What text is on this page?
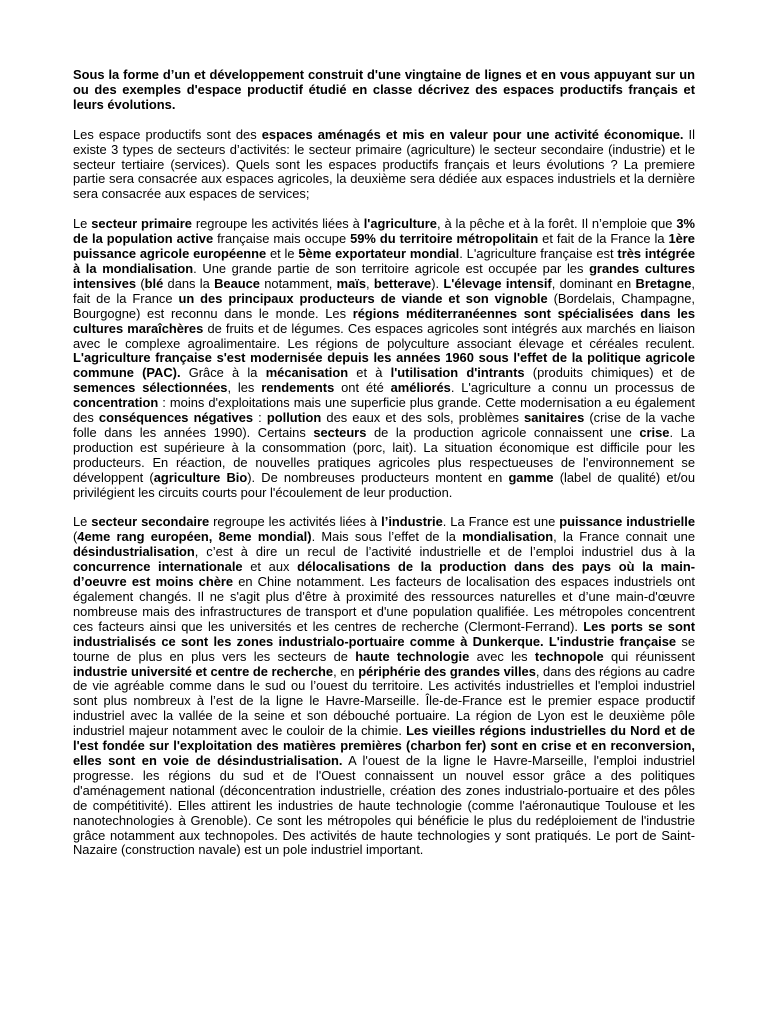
Sous la forme d’un et développement construit d'une vingtaine de lignes et en vous appuyant sur un ou des exemples d'espace productif étudié en classe décrivez des espaces productifs français et leurs évolutions.

Les espace productifs sont des espaces aménagés et mis en valeur pour une activité économique. Il existe 3 types de secteurs d’activités: le secteur primaire (agriculture) le secteur secondaire (industrie) et le secteur tertiaire (services). Quels sont les espaces productifs français et leurs évolutions ? La premiere partie sera consacrée aux espaces agricoles, la deuxième sera dédiée aux espaces industriels et la dernière sera consacrée aux espaces de services;

Le secteur primaire regroupe les activités liées à l'agriculture, à la pêche et à la forêt. Il n’emploie que 3% de la population active française mais occupe 59% du territoire métropolitain et fait de la France la 1ère puissance agricole européenne et le 5ème exportateur mondial. L'agriculture française est très intégrée à la mondialisation. Une grande partie de son territoire agricole est occupée par les grandes cultures intensives (blé dans la Beauce notamment, maïs, betterave). L'élevage intensif, dominant en Bretagne, fait de la France un des principaux producteurs de viande et son vignoble (Bordelais, Champagne, Bourgogne) est reconnu dans le monde. Les régions méditerranéennes sont spécialisées dans les cultures maraîchères de fruits et de légumes. Ces espaces agricoles sont intégrés aux marchés en liaison avec le complexe agroalimentaire. Les régions de polyculture associant élevage et céréales reculent. L'agriculture française s'est modernisée depuis les années 1960 sous l'effet de la politique agricole commune (PAC). Grâce à la mécanisation et à l'utilisation d'intrants (produits chimiques) et de semences sélectionnées, les rendements ont été améliorés. L'agriculture a connu un processus de concentration : moins d'exploitations mais une superficie plus grande. Cette modernisation a eu également des conséquences négatives : pollution des eaux et des sols, problèmes sanitaires (crise de la vache folle dans les années 1990). Certains secteurs de la production agricole connaissent une crise. La production est supérieure à la consommation (porc, lait). La situation économique est difficile pour les producteurs. En réaction, de nouvelles pratiques agricoles plus respectueuses de l'environnement se développent (agriculture Bio). De nombreuses producteurs montent en gamme (label de qualité) et/ou privilégient les circuits courts pour l'écoulement de leur production.

Le secteur secondaire regroupe les activités liées à l’industrie. La France est une puissance industrielle (4eme rang européen, 8eme mondial). Mais sous l’effet de la mondialisation, la France connait une désindustrialisation, c’est à dire un recul de l’activité industrielle et de l’emploi industriel dus à la concurrence internationale et aux délocalisations de la production dans des pays où la main-d’oeuvre est moins chère en Chine notamment. Les facteurs de localisation des espaces industriels ont également changés. Il ne s'agit plus d'être à proximité des ressources naturelles et d’une main-d'œuvre nombreuse mais des infrastructures de transport et d'une population qualifiée. Les métropoles concentrent ces facteurs ainsi que les universités et les centres de recherche (Clermont-Ferrand). Les ports se sont industrialisés ce sont les zones industrialo-portuaire comme à Dunkerque. L'industrie française se tourne de plus en plus vers les secteurs de haute technologie avec les technopole qui réunissent industrie université et centre de recherche, en périphérie des grandes villes, dans des régions au cadre de vie agréable comme dans le sud ou l’ouest du territoire. Les activités industrielles et l'emploi industriel sont plus nombreux à l’est de la ligne le Havre-Marseille. Île-de-France est le premier espace productif industriel avec la vallée de la seine et son débouché portuaire. La région de Lyon est le deuxième pôle industriel majeur notamment avec le couloir de la chimie. Les vieilles régions industrielles du Nord et de l'est fondée sur l'exploitation des matières premières (charbon fer) sont en crise et en reconversion, elles sont en voie de désindustrialisation. A l'ouest de la ligne le Havre-Marseille, l'emploi industriel progresse. les régions du sud et de l'Ouest connaissent un nouvel essor grâce a des politiques d'aménagement national (déconcentration industrielle, création des zones industrialo-portuaire et des pôles de compétitivité). Elles attirent les industries de haute technologie (comme l'aéronautique Toulouse et les nanotechnologies à Grenoble). Ce sont les métropoles qui bénéficie le plus du redéploiement de l'industrie grâce notamment aux technopoles. Des activités de haute technologies y sont pratiqués. Le port de Saint-Nazaire (construction navale) est un pole industriel important.
